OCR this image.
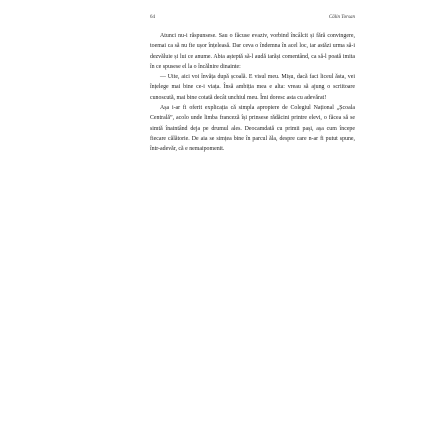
64	Călin Torsan

Atunci nu-i răspunsese. Sau o făcuse evaziv, vorbind încâlcit și fără convingere, toemai ca să nu fie ușor înțeleasă. Dar ceva o îndemna în acel loc, iar astăzi urma să-i dezvăluie și lui ce anume. Abia așteptă să-l audă iarăși comentând, ca să-l poată imita în ce spusese el la o încălnire dinainte:

— Uite, aici voi învăța după școală. E visul meu. Mișu, dacă faci liceul ăsta, vei înțelege mai bine ce-i viața. Însă ambiția mea e alta: vreau să ajung o scriitoare cunoscută, mai bine cotată decât unchiul meu. Îmi doresc asta cu adevărat!

Așa i-ar fi oferit explicația că simpla apropiere de Colegiul Național „Școala Centrală”, acolo unde limba franceză își prinsese rădăcini printre elevi, o făcea să se simtă înaintând deja pe drumul ales. Deocamdată cu primii pași, așa cum începe fiecare călătorie. De aia se simțea bine în parcul ăla, despre care n-ar fi putut spune, într-adevăr, că e nemaipomenit.
